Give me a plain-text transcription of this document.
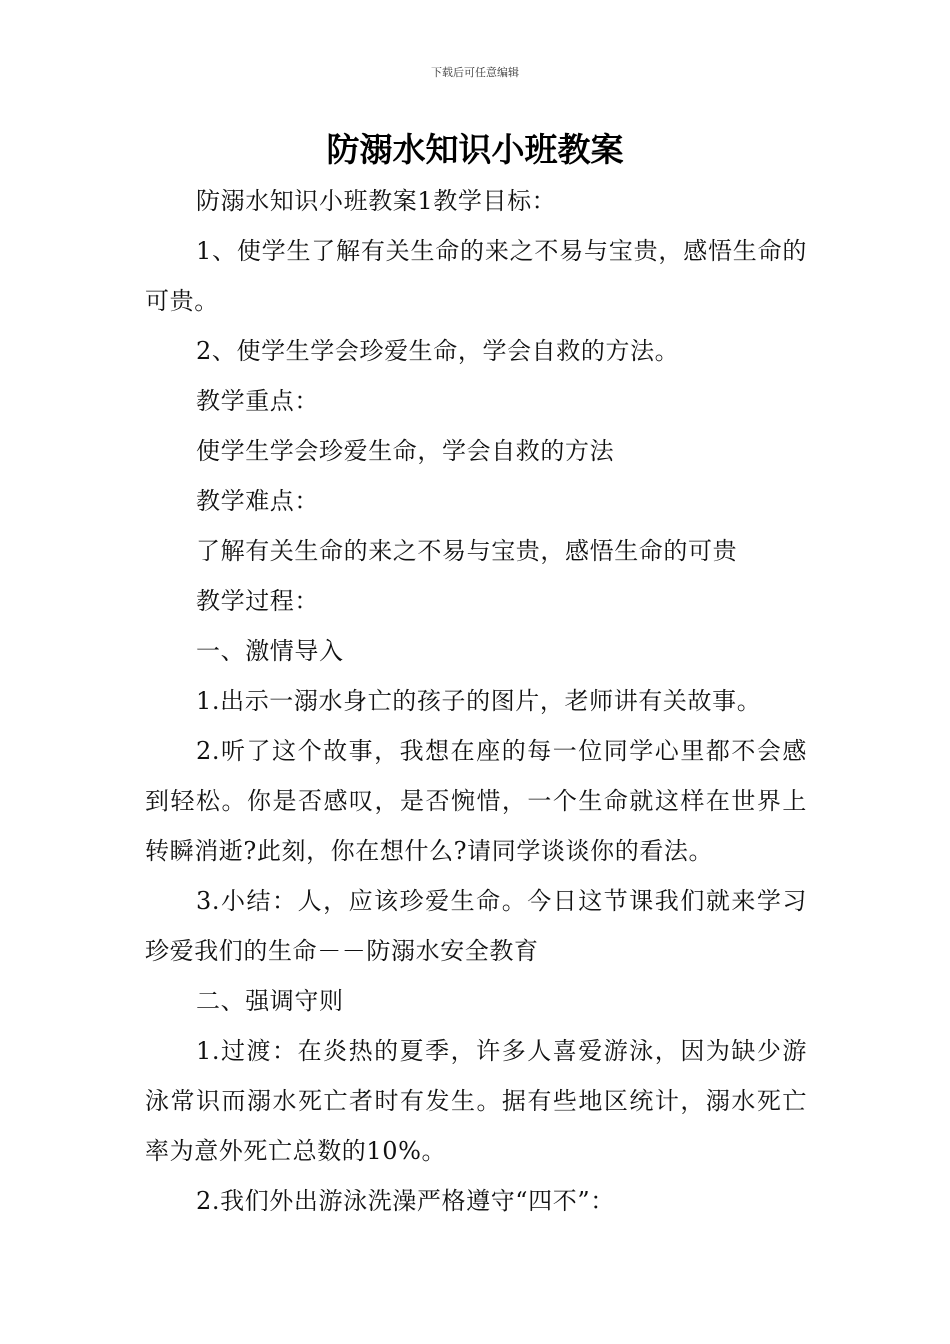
下载后可任意编辑
防溺水知识小班教案

防溺水知识小班教案1教学目标：

1、使学生了解有关生命的来之不易与宝贵，感悟生命的可贵。

2、使学生学会珍爱生命，学会自救的方法。

教学重点：

使学生学会珍爱生命，学会自救的方法

教学难点：

了解有关生命的来之不易与宝贵，感悟生命的可贵

教学过程：

一、激情导入

1.出示一溺水身亡的孩子的图片，老师讲有关故事。

2.听了这个故事，我想在座的每一位同学心里都不会感到轻松。你是否感叹，是否惋惜，一个生命就这样在世界上转瞬消逝?此刻，你在想什么?请同学谈谈你的看法。

3.小结：人，应该珍爱生命。今日这节课我们就来学习珍爱我们的生命－－防溺水安全教育

二、强调守则

1.过渡：在炎热的夏季，许多人喜爱游泳，因为缺少游泳常识而溺水死亡者时有发生。据有些地区统计，溺水死亡率为意外死亡总数的10%。

2.我们外出游泳洗澡严格遵守“四不”：
